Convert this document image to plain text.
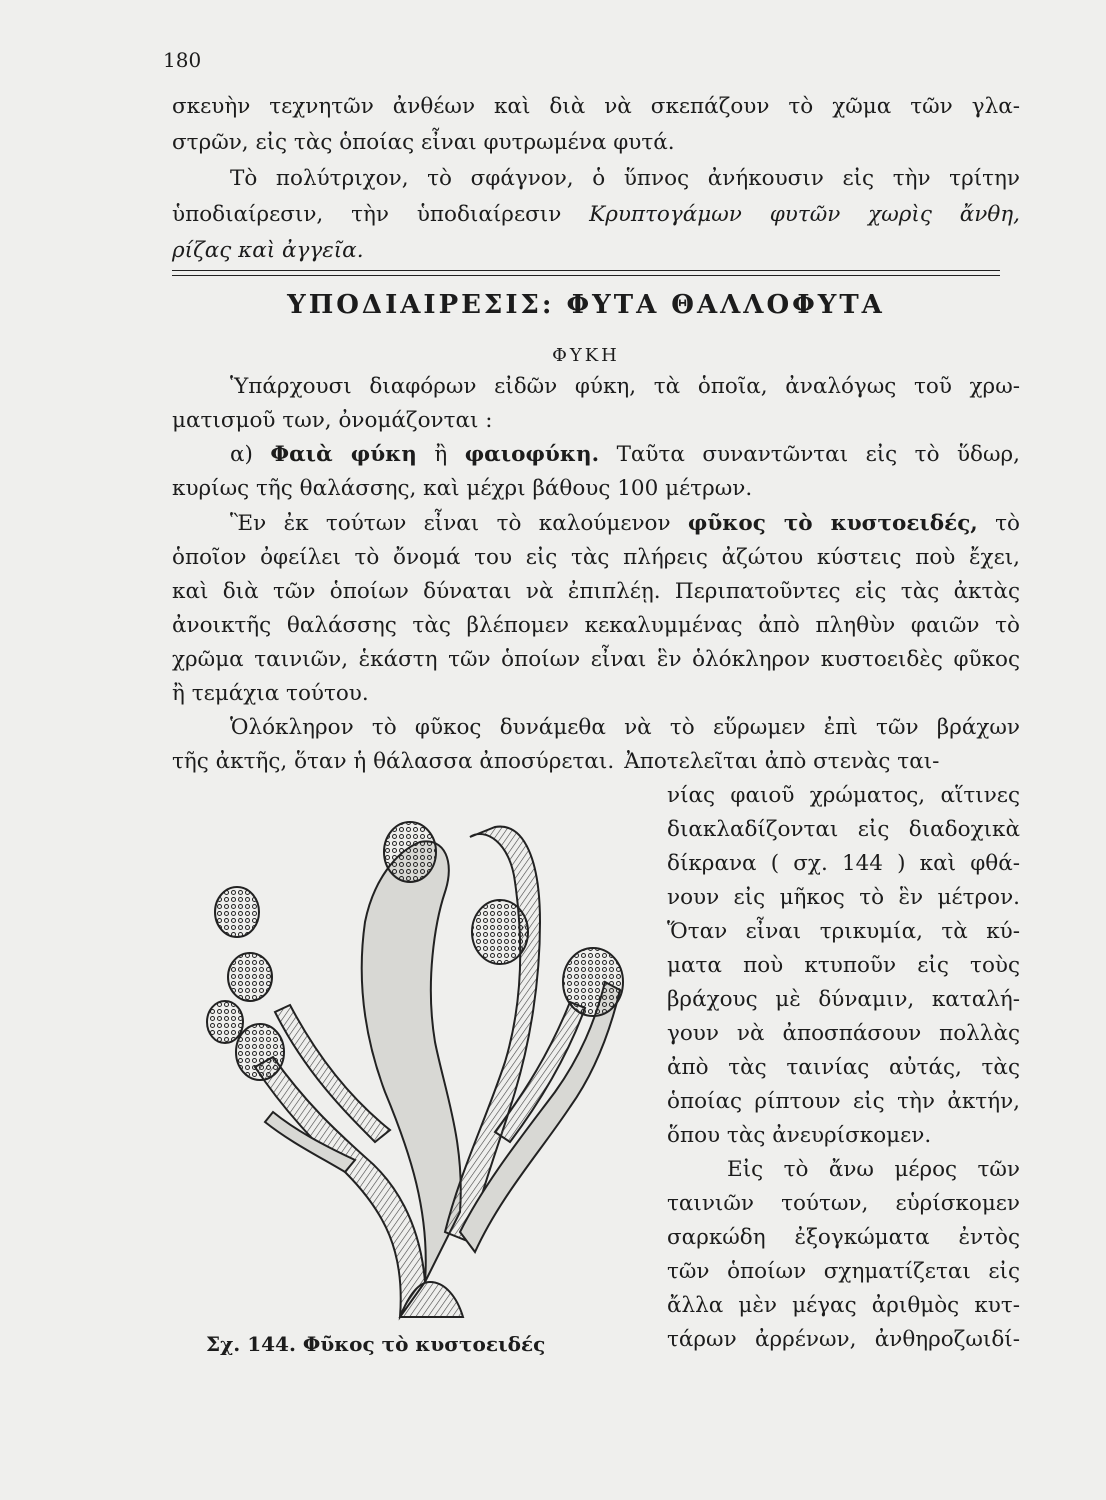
180
σκευὴν τεχνητῶν ἀνθέων καὶ διὰ νὰ σκεπάζουν τὸ χῶμα τῶν γλα-
στρῶν, εἰς τὰς ὁποίας εἶναι φυτρωμένα φυτά.
Τὸ πολύτριχον, τὸ σφάγνον, ὁ ὕπνος ἀνήκουσιν εἰς τὴν τρίτην
ὑποδιαίρεσιν, τὴν ὑποδιαίρεσιν Κρυπτογάμων φυτῶν χωρὶς ἄνθη,
ρίζας καὶ ἀγγεῖα.
ΥΠΟΔΙΑΙΡΕΣΙΣ: ΦΥΤΑ ΘΑΛΛΟΦΥΤΑ
ΦΥΚΗ
Ὑπάρχουσι διαφόρων εἰδῶν φύκη, τὰ ὁποῖα, ἀναλόγως τοῦ χρω-
ματισμοῦ των, ὀνομάζονται :
α) Φαιὰ φύκη ἢ φαιοφύκη. Ταῦτα συναντῶνται εἰς τὸ ὕδωρ,
κυρίως τῆς θαλάσσης, καὶ μέχρι βάθους 100 μέτρων.
Ἓν ἐκ τούτων εἶναι τὸ καλούμενον φῦκος τὸ κυστοειδές, τὸ
ὁποῖον ὀφείλει τὸ ὄνομά του εἰς τὰς πλήρεις ἀζώτου κύστεις ποὺ ἔχει,
καὶ διὰ τῶν ὁποίων δύναται νὰ ἐπιπλέῃ. Περιπατοῦντες εἰς τὰς ἀκτὰς
ἀνοικτῆς θαλάσσης τὰς βλέπομεν κεκαλυμμένας ἀπὸ πληθὺν φαιῶν τὸ
χρῶμα ταινιῶν, ἑκάστη τῶν ὁποίων εἶναι ἓν ὁλόκληρον κυστοειδὲς φῦκος
ἢ τεμάχια τούτου.
Ὁλόκληρον τὸ φῦκος δυνάμεθα νὰ τὸ εὕρωμεν ἐπὶ τῶν βράχων
τῆς ἀκτῆς, ὅταν ἡ θάλασσα ἀποσύρεται. Ἀποτελεῖται ἀπὸ στενὰς ται-
νίας φαιοῦ χρώματος, αἵτινες
διακλαδίζονται εἰς διαδοχικὰ
δίκρανα ( σχ. 144 ) καὶ φθά-
νουν εἰς μῆκος τὸ ἓν μέτρον.
Ὅταν εἶναι τρικυμία, τὰ κύ-
ματα ποὺ κτυποῦν εἰς τοὺς
βράχους μὲ δύναμιν, καταλή-
γουν νὰ ἀποσπάσουν πολλὰς
ἀπὸ τὰς ταινίας αὐτάς, τὰς
ὁποίας ρίπτουν εἰς τὴν ἀκτήν,
ὅπου τὰς ἀνευρίσκομεν.
Εἰς τὸ ἄνω μέρος τῶν
ταινιῶν τούτων, εὑρίσκομεν
σαρκώδη ἐξογκώματα ἐντὸς
τῶν ὁποίων σχηματίζεται εἰς
ἄλλα μὲν μέγας ἀριθμὸς κυτ-
τάρων ἀρρένων, ἀνθηροζωιδί-
Σχ. 144. Φῦκος τὸ κυστοειδές
